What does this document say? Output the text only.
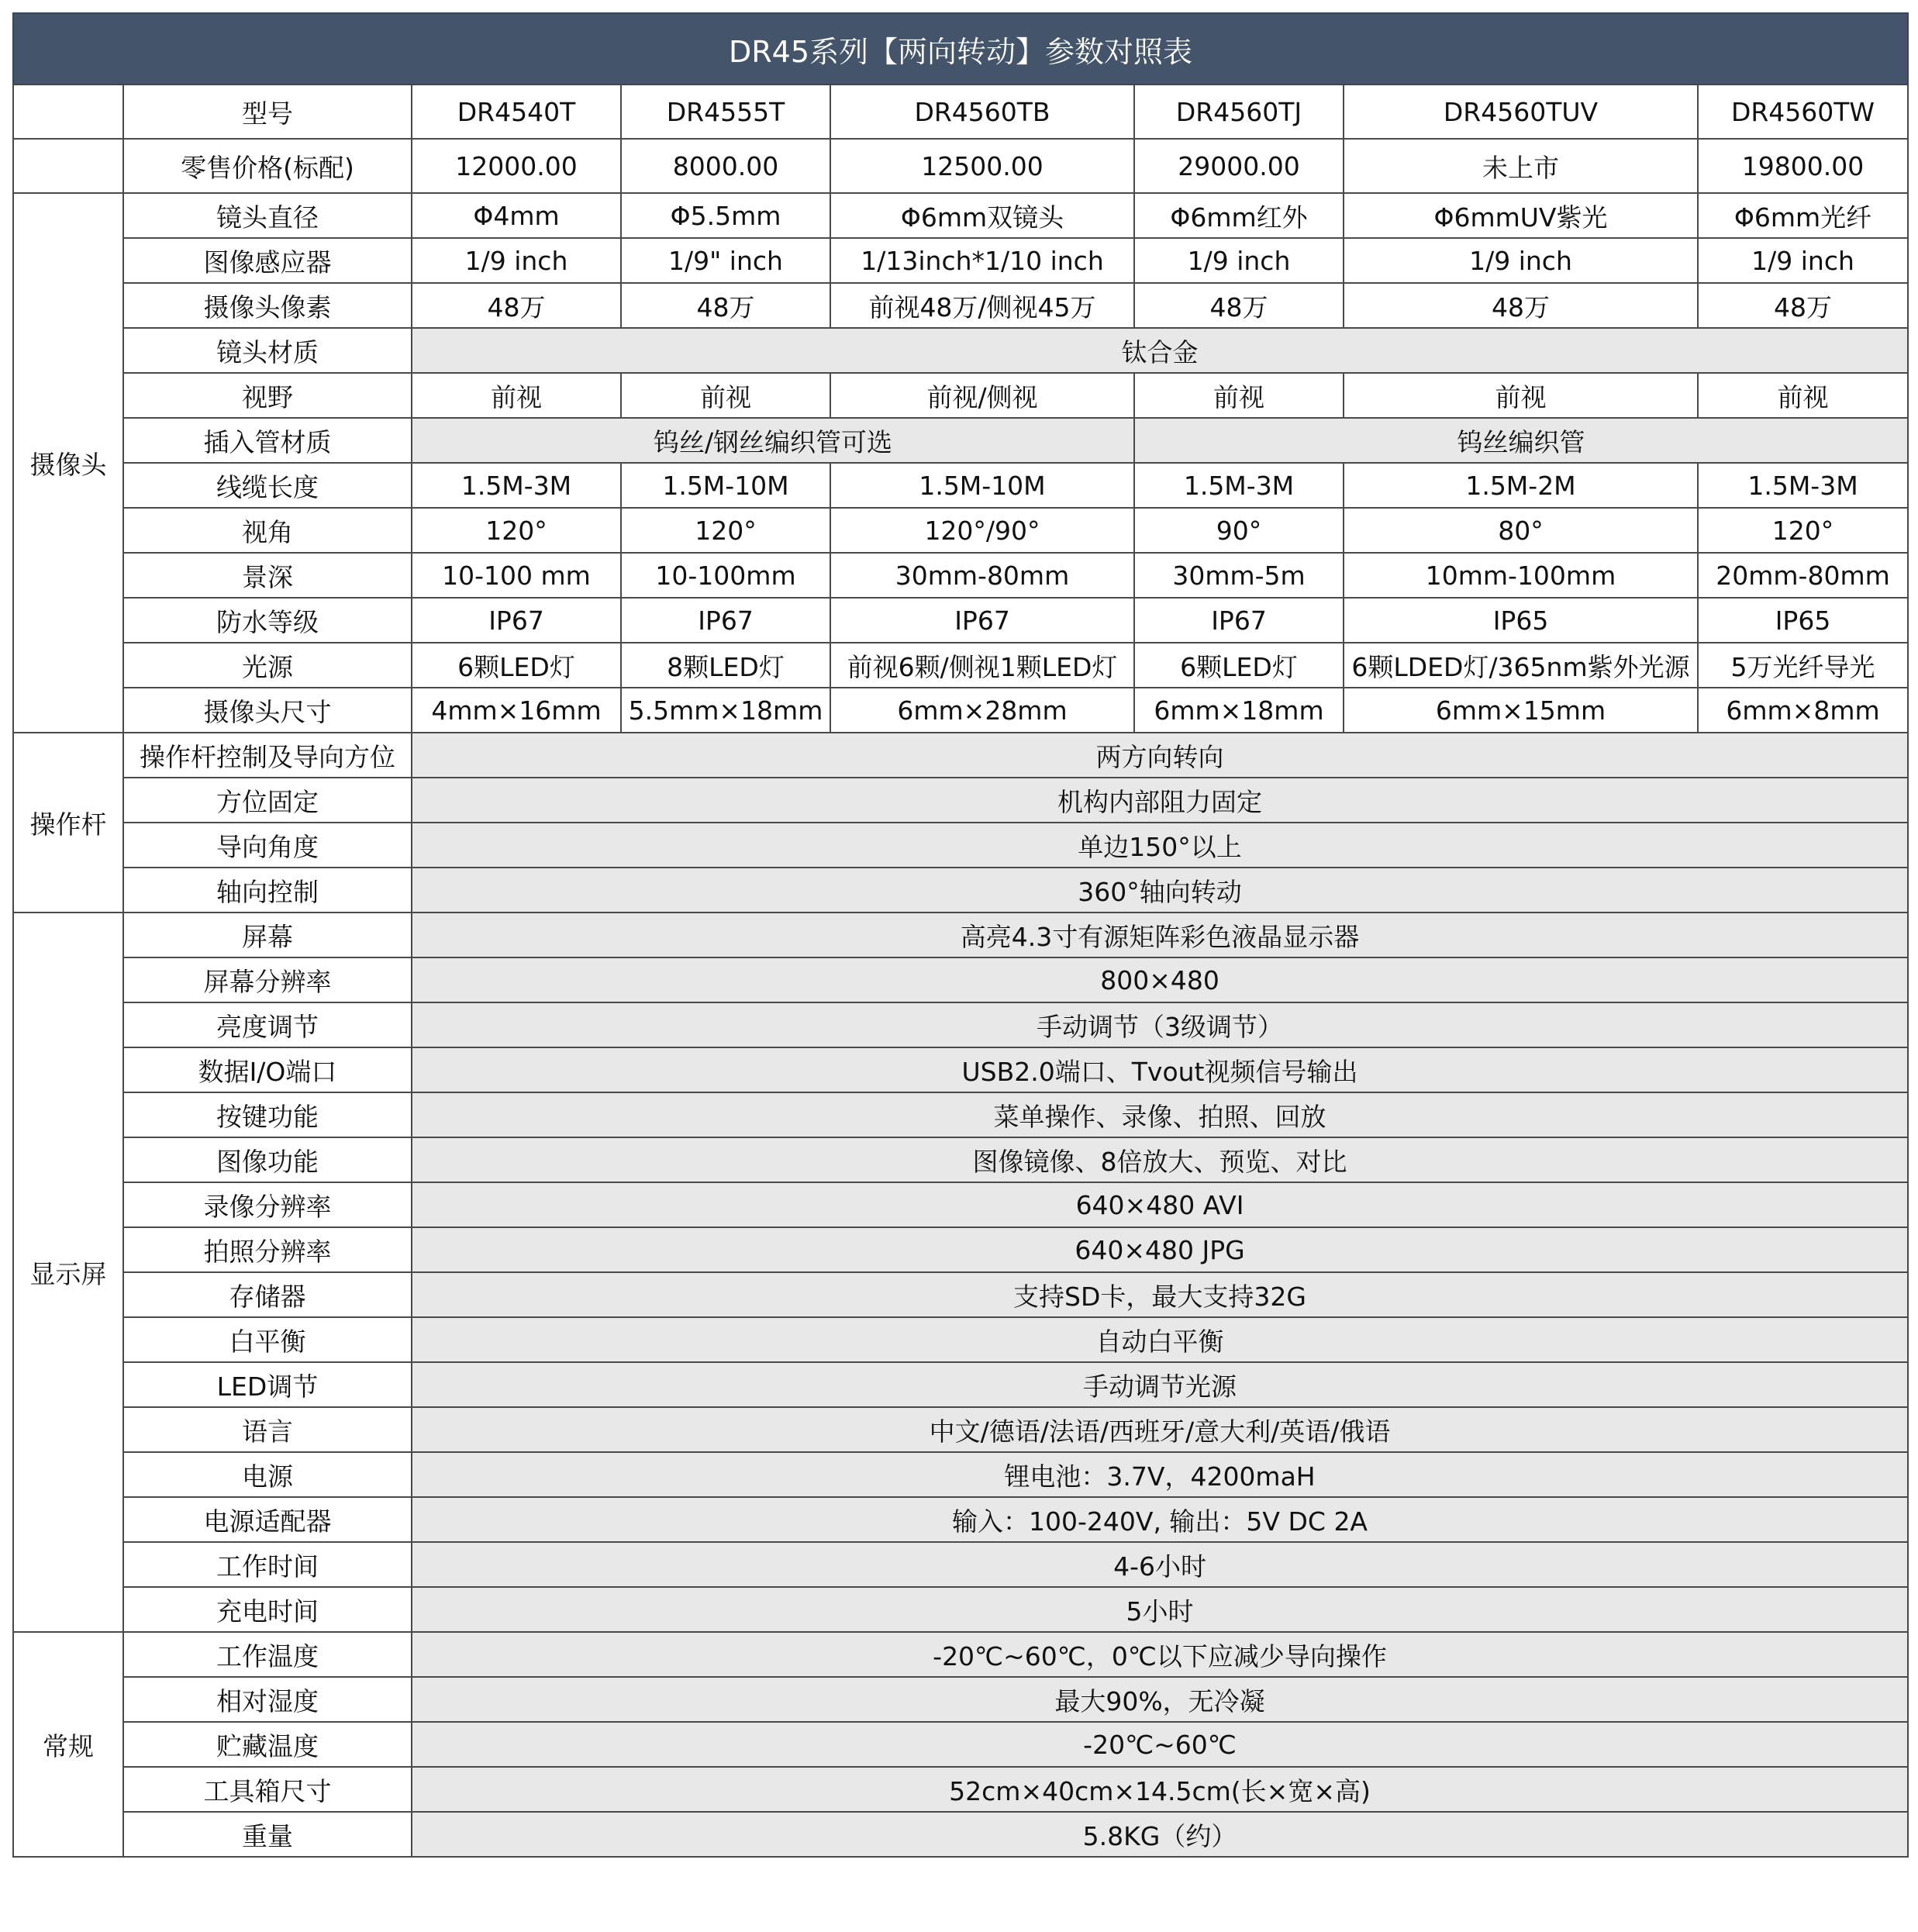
DR45系列【两向转动】参数对照表							
	型号	DR4540T	DR4555T	DR4560TB	DR4560TJ	DR4560TUV	DR4560TW
	零售价格(标配)	12000.00	8000.00	12500.00	29000.00	未上市	19800.00
摄像头	镜头直径	Φ4mm	Φ5.5mm	Φ6mm双镜头	Φ6mm红外	Φ6mmUV紫光	Φ6mm光纤
	图像感应器	1/9 inch	1/9" inch	1/13inch*1/10 inch	1/9 inch	1/9 inch	1/9 inch
	摄像头像素	48万	48万	前视48万/侧视45万	48万	48万	48万
	镜头材质	钛合金					
	视野	前视	前视	前视/侧视	前视	前视	前视
	插入管材质	钨丝/钢丝编织管可选			钨丝编织管		
	线缆长度	1.5M-3M	1.5M-10M	1.5M-10M	1.5M-3M	1.5M-2M	1.5M-3M
	视角	120°	120°	120°/90°	90°	80°	120°
	景深	10-100 mm	10-100mm	30mm-80mm	30mm-5m	10mm-100mm	20mm-80mm
	防水等级	IP67	IP67	IP67	IP67	IP65	IP65
	光源	6颗LED灯	8颗LED灯	前视6颗/侧视1颗LED灯	6颗LED灯	6颗LDED灯/365nm紫外光源	5万光纤导光
	摄像头尺寸	4mm×16mm	5.5mm×18mm	6mm×28mm	6mm×18mm	6mm×15mm	6mm×8mm
操作杆	操作杆控制及导向方位	两方向转向					
	方位固定	机构内部阻力固定					
	导向角度	单边150°以上					
	轴向控制	360°轴向转动					
显示屏	屏幕	高亮4.3寸有源矩阵彩色液晶显示器					
	屏幕分辨率	800×480					
	亮度调节	手动调节（3级调节）					
	数据I/O端口	USB2.0端口、Tvout视频信号输出					
	按键功能	菜单操作、录像、拍照、回放					
	图像功能	图像镜像、8倍放大、预览、对比					
	录像分辨率	640×480 AVI					
	拍照分辨率	640×480 JPG					
	存储器	支持SD卡，最大支持32G					
	白平衡	自动白平衡					
	LED调节	手动调节光源					
	语言	中文/德语/法语/西班牙/意大利/英语/俄语					
	电源	锂电池：3.7V，4200maH					
	电源适配器	输入：100-240V, 输出：5V DC 2A					
	工作时间	4-6小时					
	充电时间	5小时					
常规	工作温度	-20℃~60℃，0℃以下应减少导向操作					
	相对湿度	最大90%，无冷凝					
	贮藏温度	-20℃~60℃					
	工具箱尺寸	52cm×40cm×14.5cm(长×宽×高)					
	重量	5.8KG（约）					
